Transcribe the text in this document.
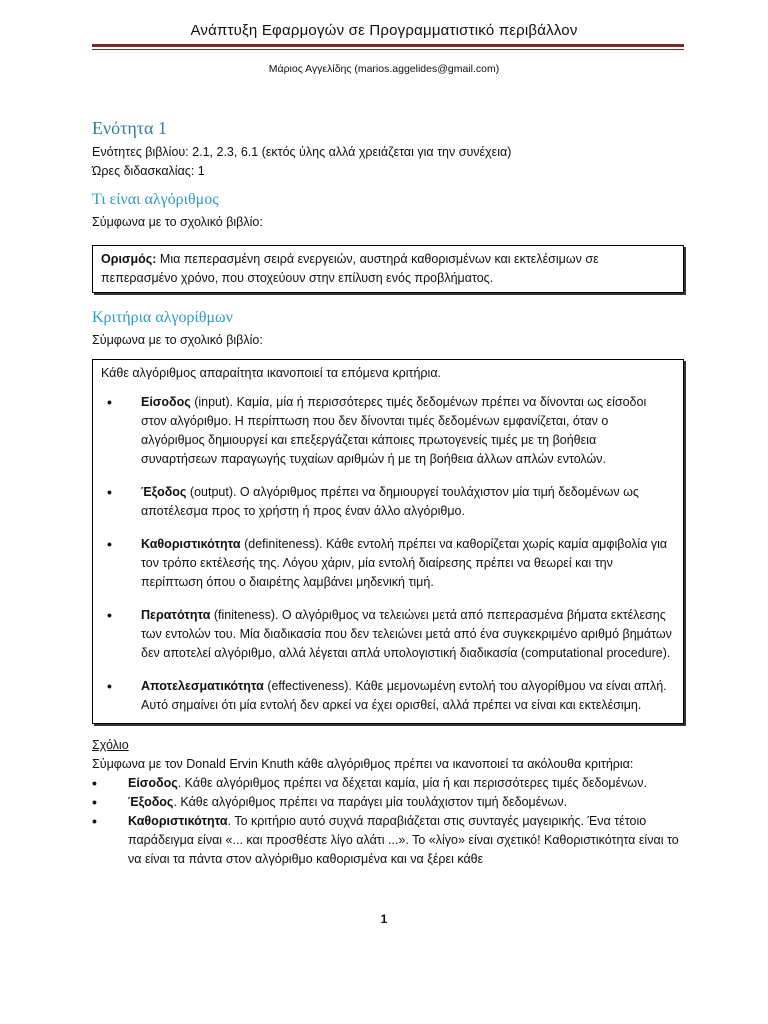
Ανάπτυξη Εφαρμογών σε Προγραμματιστικό περιβάλλον
Μάριος Αγγελίδης (marios.aggelides@gmail.com)
Ενότητα 1

Ενότητες βιβλίου: 2.1, 2.3, 6.1 (εκτός ύλης αλλά χρειάζεται για την συνέχεια)

Ώρες διδασκαλίας: 1

Τι είναι αλγόριθμος

Σύμφωνα με το σχολικό βιβλίο:

Ορισμός: Μια πεπερασμένη σειρά ενεργειών, αυστηρά καθορισμένων και εκτελέσιμων σε πεπερασμένο χρόνο, που στοχεύουν στην επίλυση ενός προβλήματος.

Κριτήρια αλγορίθμων

Σύμφωνα με το σχολικό βιβλίο:

Κάθε αλγόριθμος απαραίτητα ικανοποιεί τα επόμενα κριτήρια.

• Είσοδος (input). Καμία, μία ή περισσότερες τιμές δεδομένων πρέπει να δίνονται ως είσοδοι στον αλγόριθμο. Η περίπτωση που δεν δίνονται τιμές δεδομένων εμφανίζεται, όταν ο αλγόριθμος δημιουργεί και επεξεργάζεται κάποιες πρωτογενείς τιμές με τη βοήθεια συναρτήσεων παραγωγής τυχαίων αριθμών ή με τη βοήθεια άλλων απλών εντολών.
• Έξοδος (output). Ο αλγόριθμος πρέπει να δημιουργεί τουλάχιστον μία τιμή δεδομένων ως αποτέλεσμα προς το χρήστη ή προς έναν άλλο αλγόριθμο.
• Καθοριστικότητα (definiteness). Κάθε εντολή πρέπει να καθορίζεται χωρίς καμία αμφιβολία για τον τρόπο εκτέλεσής της. Λόγου χάριν, μία εντολή διαίρεσης πρέπει να θεωρεί και την περίπτωση όπου ο διαιρέτης λαμβάνει μηδενική τιμή.
• Περατότητα (finiteness). Ο αλγόριθμος να τελειώνει μετά από πεπερασμένα βήματα εκτέλεσης των εντολών του. Μία διαδικασία που δεν τελειώνει μετά από ένα συγκεκριμένο αριθμό βημάτων δεν αποτελεί αλγόριθμο, αλλά λέγεται απλά υπολογιστική διαδικασία (computational procedure).
• Αποτελεσματικότητα (effectiveness). Κάθε μεμονωμένη εντολή του αλγορίθμου να είναι απλή. Αυτό σημαίνει ότι μία εντολή δεν αρκεί να έχει ορισθεί, αλλά πρέπει να είναι και εκτελέσιμη.

Σχόλιο

Σύμφωνα με τον Donald Ervin Knuth κάθε αλγόριθμος πρέπει να ικανοποιεί τα ακόλουθα κριτήρια:

• Είσοδος. Κάθε αλγόριθμος πρέπει να δέχεται καμία, μία ή και περισσότερες τιμές δεδομένων.
• Έξοδος. Κάθε αλγόριθμος πρέπει να παράγει μία τουλάχιστον τιμή δεδομένων.
• Καθοριστικότητα. Το κριτήριο αυτό συχνά παραβιάζεται στις συνταγές μαγειρικής. Ένα τέτοιο παράδειγμα είναι «... και προσθέστε λίγο αλάτι ...». Το «λίγο» είναι σχετικό! Καθοριστικότητα είναι το να είναι τα πάντα στον αλγόριθμο καθορισμένα και να ξέρει κάθε
1
